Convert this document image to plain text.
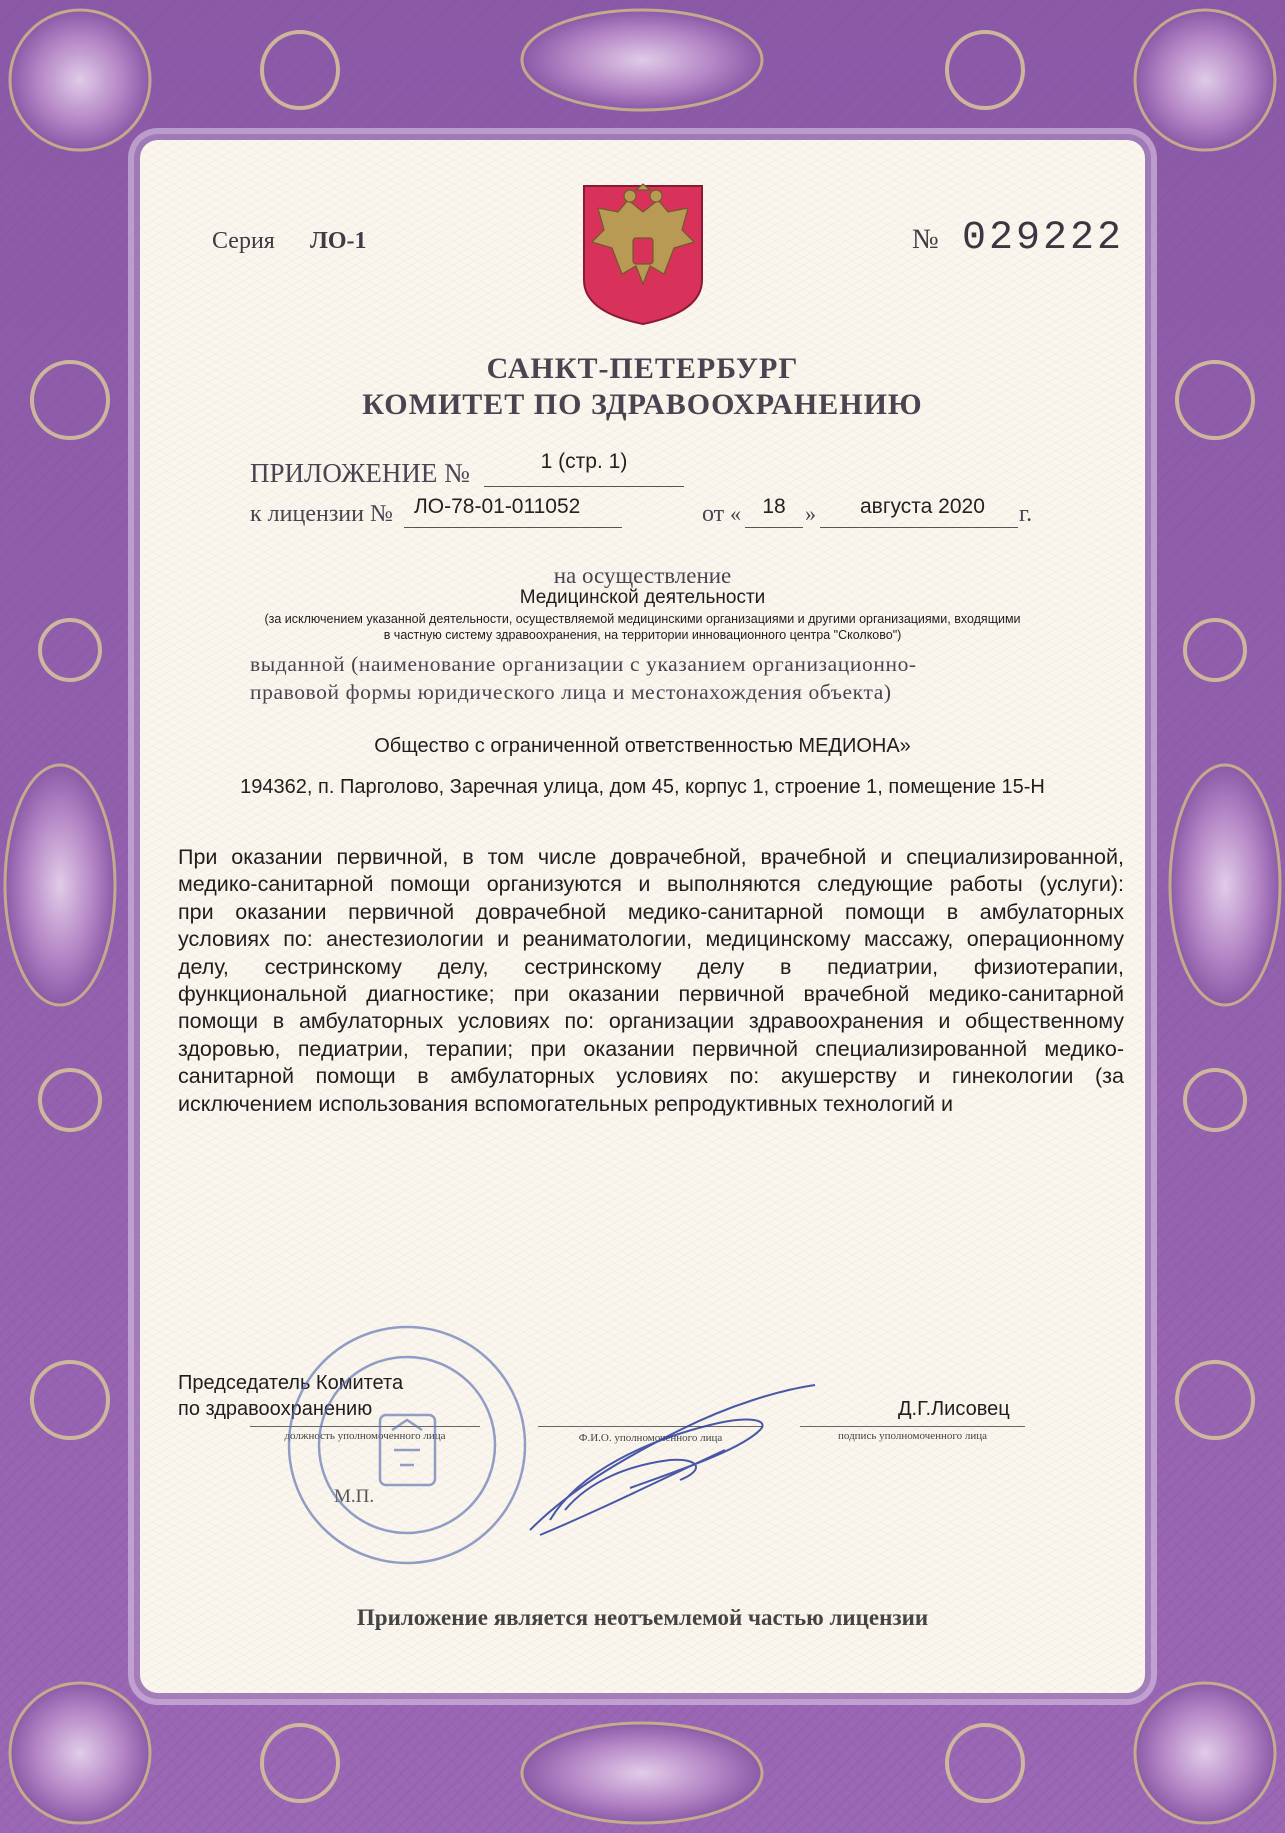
Серия ЛО-1	№ 029222
САНКТ-ПЕТЕРБУРГ
КОМИТЕТ ПО ЗДРАВООХРАНЕНИЮ
ПРИЛОЖЕНИЕ №	1 (стр. 1)
к лицензии № ЛО-78-01-011052	от «	18 » августа 2020 г.
на осуществление
Медицинской деятельности
(за исключением указанной деятельности, осуществляемой медицинскими организациями и другими организациями, входящими
в частную систему здравоохранения, на территории инновационного центра "Сколково")
выданной (наименование организации с указанием организационно-
правовой формы юридического лица и местонахождения объекта)
Общество с ограниченной ответственностью МЕДИОНА»
194362, п. Парголово, Заречная улица, дом 45, корпус 1, строение 1, помещение 15-Н
При оказании первичной, в том числе доврачебной, врачебной и специализированной,
медико-санитарной помощи организуются и выполняются следующие работы (услуги):
при оказании первичной доврачебной медико-санитарной помощи в амбулаторных
условиях по: анестезиологии и реаниматологии, медицинскому массажу, операционному
делу, сестринскому делу, сестринскому делу в педиатрии, физиотерапии,
функциональной диагностике; при оказании первичной врачебной медико-санитарной
помощи в амбулаторных условиях по: организации здравоохранения и общественному
здоровью, педиатрии, терапии; при оказании первичной специализированной медико-
санитарной помощи в амбулаторных условиях по: акушерству и гинекологии (за
исключением использования вспомогательных репродуктивных технологий и
Председатель Комитета
по здравоохранению	Д.Г.Лисовец
должность уполномоченного лица	Ф.И.О. уполномоченного лица	подпись уполномоченного лица
М.П.
Приложение является неотъемлемой частью лицензии
